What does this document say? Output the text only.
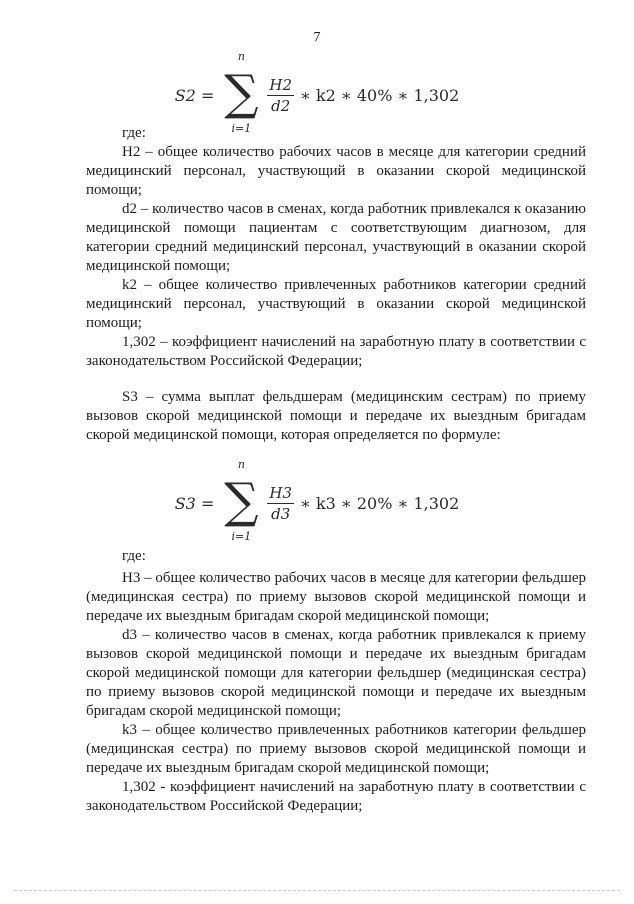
7
S2 =
n
∑
i=1
$\frac{H2}{d2}$ ∗ k2 ∗ 40% ∗ 1,302

где:

Н2 – общее количество рабочих часов в месяце для категории средний медицинский персонал, участвующий в оказании скорой медицинской помощи;

d2 – количество часов в сменах, когда работник привлекался к оказанию медицинской помощи пациентам с соответствующим диагнозом, для категории средний медицинский персонал, участвующий в оказании скорой медицинской помощи;

k2 – общее количество привлеченных работников категории средний медицинский персонал, участвующий в оказании скорой медицинской помощи;

1,302 – коэффициент начислений на заработную плату в соответствии с законодательством Российской Федерации;

S3 – сумма выплат фельдшерам (медицинским сестрам) по приему вызовов скорой медицинской помощи и передаче их выездным бригадам скорой медицинской помощи, которая определяется по формуле:

S3 =
n
∑
i=1
$\frac{H3}{d3}$ ∗ k3 ∗ 20% ∗ 1,302

где:

Н3 – общее количество рабочих часов в месяце для категории фельдшер (медицинская сестра) по приему вызовов скорой медицинской помощи и передаче их выездным бригадам скорой медицинской помощи;

d3 – количество часов в сменах, когда работник привлекался к приему вызовов скорой медицинской помощи и передаче их выездным бригадам скорой медицинской помощи для категории фельдшер (медицинская сестра) по приему вызовов скорой медицинской помощи и передаче их выездным бригадам скорой медицинской помощи;

k3 – общее количество привлеченных работников категории фельдшер (медицинская сестра) по приему вызовов скорой медицинской помощи и передаче их выездным бригадам скорой медицинской помощи;

1,302 - коэффициент начислений на заработную плату в соответствии с законодательством Российской Федерации;
